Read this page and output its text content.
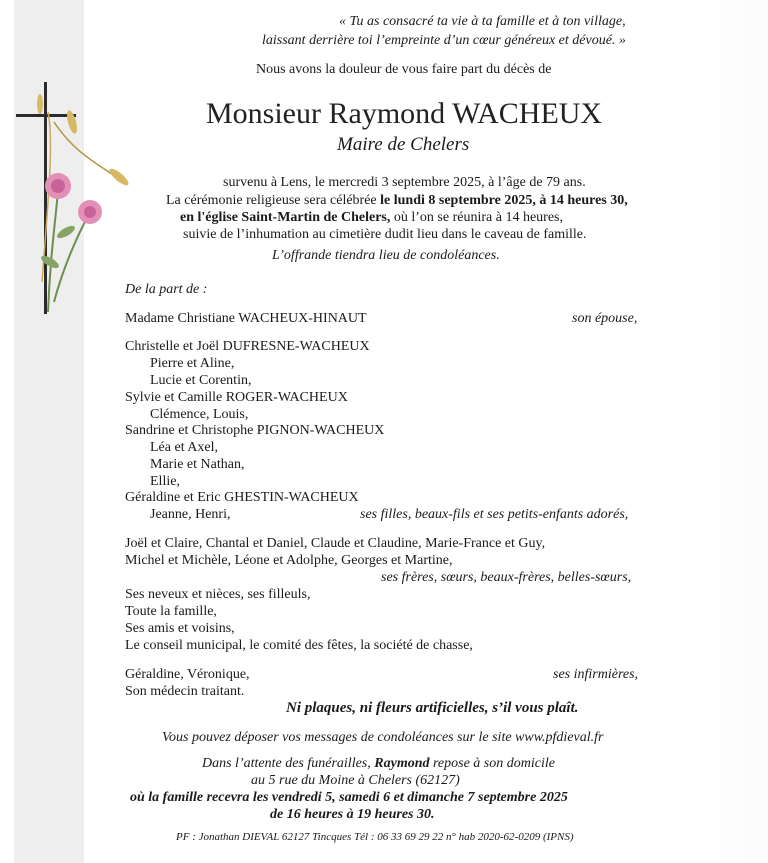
« Tu as consacré ta vie à ta famille et à ton village,
laissant derrière toi l’empreinte d’un cœur généreux et dévoué. »
Nous avons la douleur de vous faire part du décès de
Monsieur Raymond WACHEUX
Maire de Chelers
survenu à Lens, le mercredi 3 septembre 2025, à l’âge de 79 ans.
La cérémonie religieuse sera célébrée le lundi 8 septembre 2025, à 14 heures 30,
en l'église Saint-Martin de Chelers, où l’on se réunira à 14 heures,
suivie de l’inhumation au cimetière dudit lieu dans le caveau de famille.
L’offrande tiendra lieu de condoléances.
De la part de :
Madame Christiane WACHEUX-HINAUT	son épouse,
Christelle et Joël DUFRESNE-WACHEUX
Pierre et Aline,
Lucie et Corentin,
Sylvie et Camille ROGER-WACHEUX
Clémence, Louis,
Sandrine et Christophe PIGNON-WACHEUX
Léa et Axel,
Marie et Nathan,
Ellie,
Géraldine et Eric GHESTIN-WACHEUX
Jeanne, Henri,	ses filles, beaux-fils et ses petits-enfants adorés,
Joël et Claire, Chantal et Daniel, Claude et Claudine, Marie-France et Guy,
Michel et Michèle, Léone et Adolphe, Georges et Martine,
ses frères, sœurs, beaux-frères, belles-sœurs,
Ses neveux et nièces, ses filleuls,
Toute la famille,
Ses amis et voisins,
Le conseil municipal, le comité des fêtes, la société de chasse,
Géraldine, Véronique,	ses infirmières,
Son médecin traitant.
Ni plaques, ni fleurs artificielles, s’il vous plaît.
Vous pouvez déposer vos messages de condoléances sur le site www.pfdieval.fr
Dans l’attente des funérailles, Raymond repose à son domicile
au 5 rue du Moine à Chelers (62127)
où la famille recevra les vendredi 5, samedi 6 et dimanche 7 septembre 2025
de 16 heures à 19 heures 30.
PF : Jonathan DIEVAL 62127 Tincques Tél : 06 33 69 29 22 n° hab 2020-62-0209 (IPNS)
